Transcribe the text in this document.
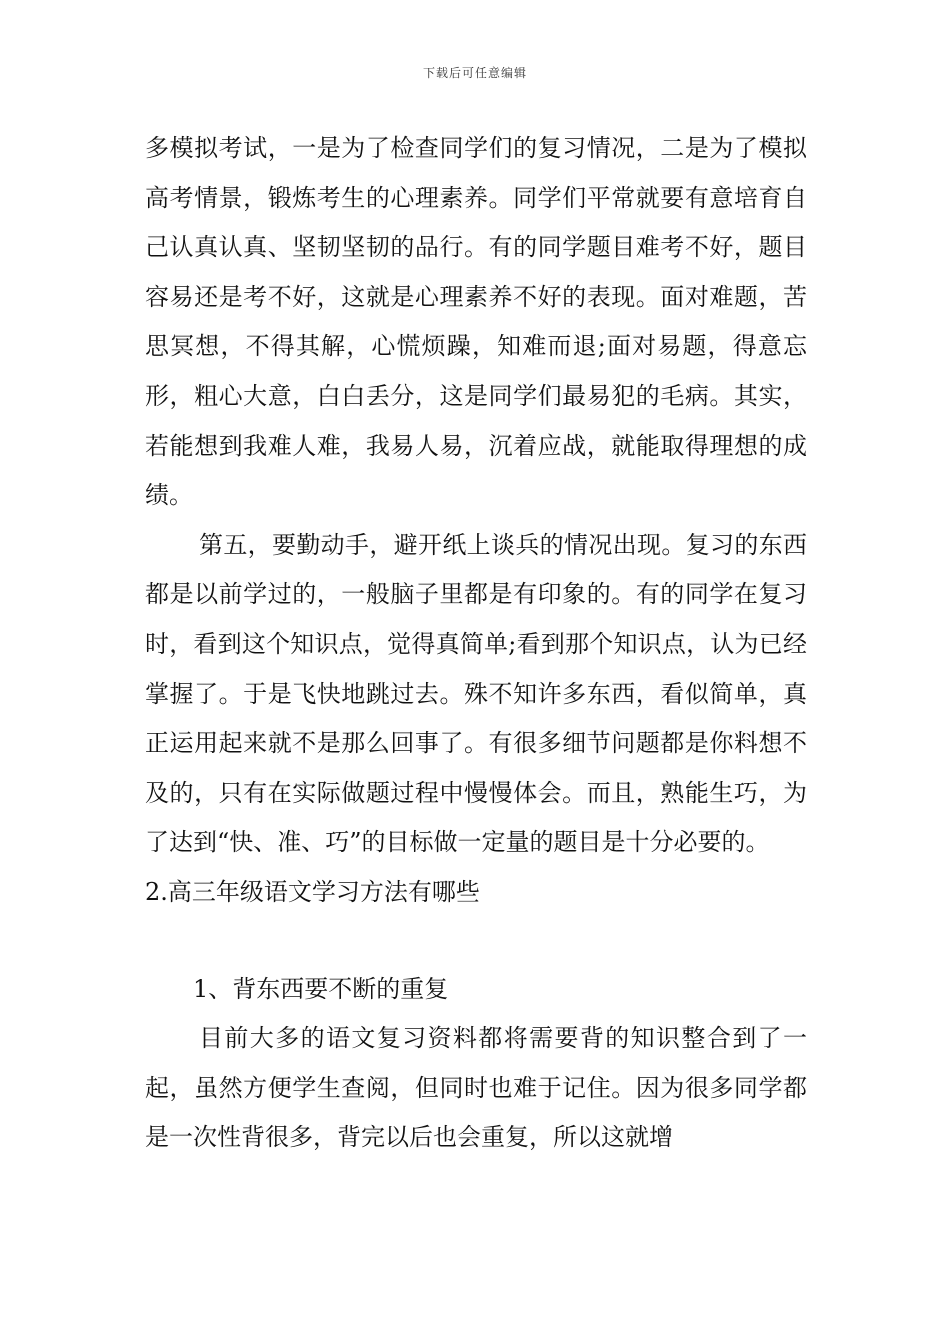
下载后可任意编辑

多模拟考试，一是为了检查同学们的复习情况，二是为了模拟高考情景，锻炼考生的心理素养。同学们平常就要有意培育自己认真认真、坚韧坚韧的品行。有的同学题目难考不好，题目容易还是考不好，这就是心理素养不好的表现。面对难题，苦思冥想，不得其解，心慌烦躁，知难而退;面对易题，得意忘形，粗心大意，白白丢分，这是同学们最易犯的毛病。其实，若能想到我难人难，我易人易，沉着应战，就能取得理想的成绩。

第五，要勤动手，避开纸上谈兵的情况出现。复习的东西都是以前学过的，一般脑子里都是有印象的。有的同学在复习时，看到这个知识点，觉得真简单;看到那个知识点，认为已经掌握了。于是飞快地跳过去。殊不知许多东西，看似简单，真正运用起来就不是那么回事了。有很多细节问题都是你料想不及的，只有在实际做题过程中慢慢体会。而且，熟能生巧，为了达到“快、准、巧”的目标做一定量的题目是十分必要的。

2.高三年级语文学习方法有哪些

1、背东西要不断的重复

目前大多的语文复习资料都将需要背的知识整合到了一起，虽然方便学生查阅，但同时也难于记住。因为很多同学都是一次性背很多，背完以后也会重复，所以这就增
